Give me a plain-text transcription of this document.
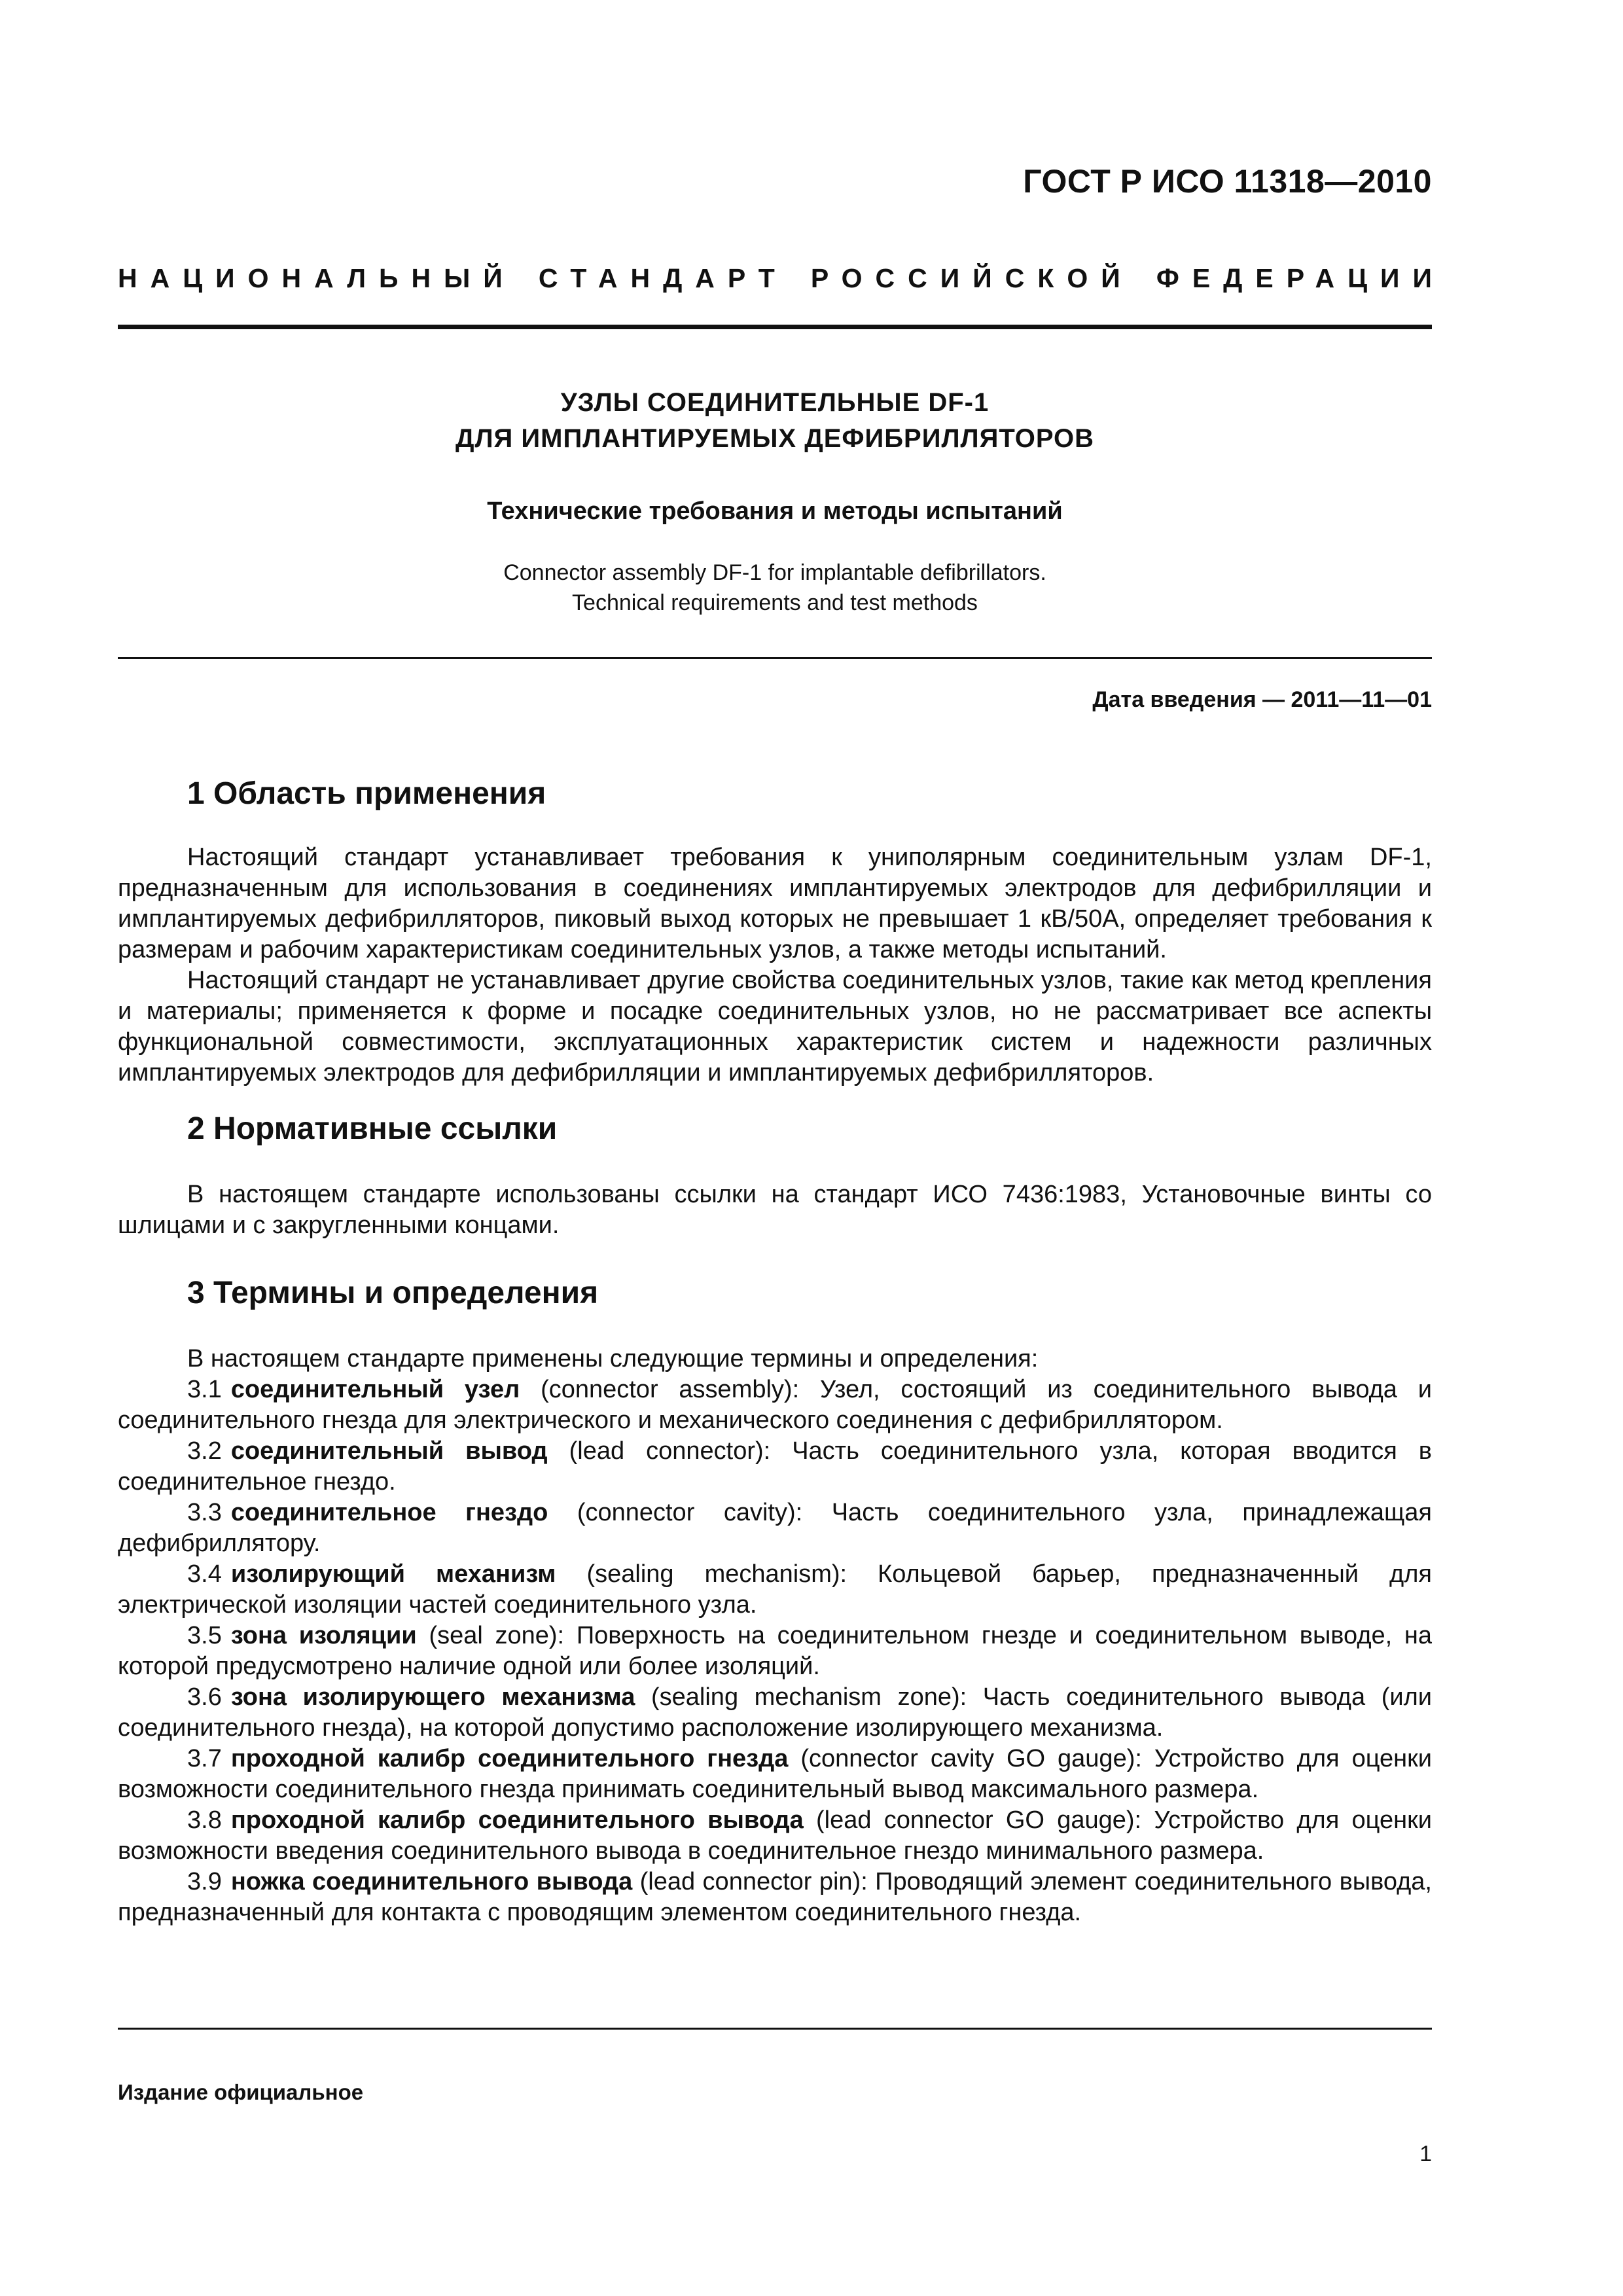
ГОСТ Р ИСО 11318—2010
НАЦИОНАЛЬНЫЙ СТАНДАРТ РОССИЙСКОЙ ФЕДЕРАЦИИ
УЗЛЫ СОЕДИНИТЕЛЬНЫЕ DF-1
ДЛЯ ИМПЛАНТИРУЕМЫХ ДЕФИБРИЛЛЯТОРОВ
Технические требования и методы испытаний
Connector assembly DF-1 for implantable defibrillators.
Technical requirements and test methods
Дата введения — 2011—11—01
1 Область применения

Настоящий стандарт устанавливает требования к униполярным соединительным узлам DF-1, предназначенным для использования в соединениях имплантируемых электродов для дефибрилляции и имплантируемых дефибрилляторов, пиковый выход которых не превышает 1 кВ/50А, определяет требования к размерам и рабочим характеристикам соединительных узлов, а также методы испытаний.

Настоящий стандарт не устанавливает другие свойства соединительных узлов, такие как метод крепления и материалы; применяется к форме и посадке соединительных узлов, но не рассматривает все аспекты функциональной совместимости, эксплуатационных характеристик систем и надежности различных имплантируемых электродов для дефибрилляции и имплантируемых дефибрилляторов.

2 Нормативные ссылки

В настоящем стандарте использованы ссылки на стандарт ИСО 7436:1983, Установочные винты со шлицами и с закругленными концами.

3 Термины и определения

В настоящем стандарте применены следующие термины и определения:

3.1 соединительный узел (connector assembly): Узел, состоящий из соединительного вывода и соединительного гнезда для электрического и механического соединения с дефибриллятором.

3.2 соединительный вывод (lead connector): Часть соединительного узла, которая вводится в соединительное гнездо.

3.3 соединительное гнездо (connector cavity): Часть соединительного узла, принадлежащая дефибриллятору.

3.4 изолирующий механизм (sealing mechanism): Кольцевой барьер, предназначенный для электрической изоляции частей соединительного узла.

3.5 зона изоляции (seal zone): Поверхность на соединительном гнезде и соединительном выводе, на которой предусмотрено наличие одной или более изоляций.

3.6 зона изолирующего механизма (sealing mechanism zone): Часть соединительного вывода (или соединительного гнезда), на которой допустимо расположение изолирующего механизма.

3.7 проходной калибр соединительного гнезда (connector cavity GO gauge): Устройство для оценки возможности соединительного гнезда принимать соединительный вывод максимального размера.

3.8 проходной калибр соединительного вывода (lead connector GO gauge): Устройство для оценки возможности введения соединительного вывода в соединительное гнездо минимального размера.

3.9 ножка соединительного вывода (lead connector pin): Проводящий элемент соединительного вывода, предназначенный для контакта с проводящим элементом соединительного гнезда.

Издание официальное
1
